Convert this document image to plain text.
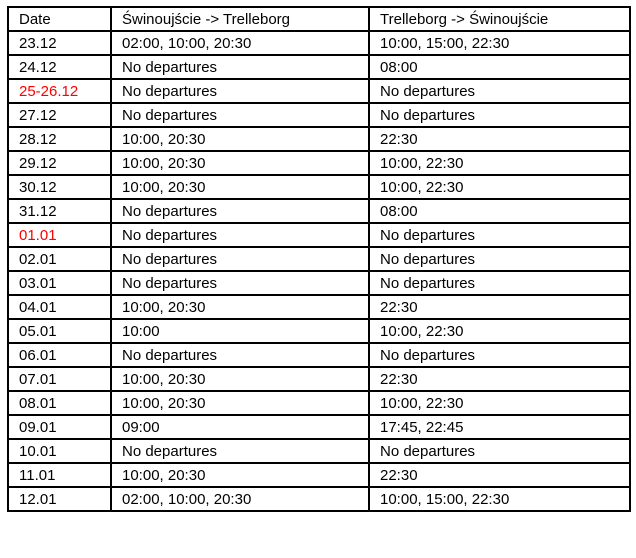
Date	Świnoujście -> Trelleborg	Trelleborg -> Świnoujście
23.12	02:00, 10:00, 20:30	10:00, 15:00, 22:30
24.12	No departures	08:00
25-26.12	No departures	No departures
27.12	No departures	No departures
28.12	10:00, 20:30	22:30
29.12	10:00, 20:30	10:00, 22:30
30.12	10:00, 20:30	10:00, 22:30
31.12	No departures	08:00
01.01	No departures	No departures
02.01	No departures	No departures
03.01	No departures	No departures
04.01	10:00, 20:30	22:30
05.01	10:00	10:00, 22:30
06.01	No departures	No departures
07.01	10:00, 20:30	22:30
08.01	10:00, 20:30	10:00, 22:30
09.01	09:00	17:45, 22:45
10.01	No departures	No departures
11.01	10:00, 20:30	22:30
12.01	02:00, 10:00, 20:30	10:00, 15:00, 22:30
